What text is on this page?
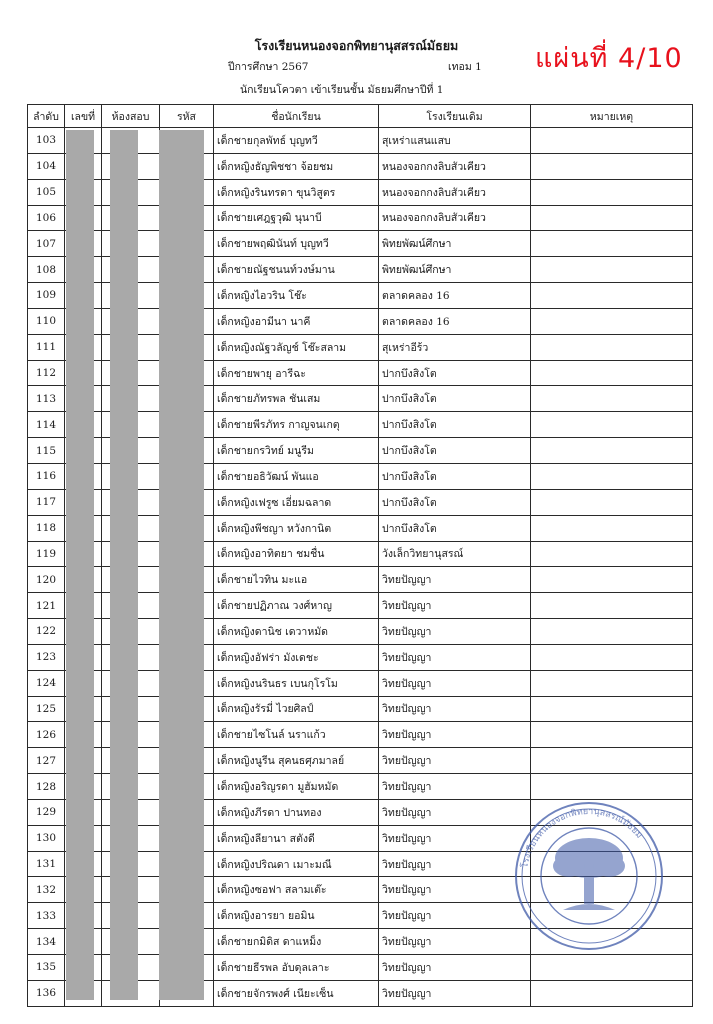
โรงเรียนหนองจอกพิทยานุสสรณ์มัธยม
ปีการศึกษา 2567	เทอม 1 แผ่นที่ 4/10
นักเรียนโควตา เข้าเรียนชั้น มัธยมศึกษาปีที่ 1
ลำดับ	เลขที่	ห้องสอบ	รหัส	ชื่อนักเรียน	โรงเรียนเดิม	หมายเหตุ
103				เด็กชายกุลพัทธ์ บุญทวี	สุเหร่าแสนแสบ	
104				เด็กหญิงธัญพิชชา จ้อยชม	หนองจอกกงลิบสัวเคียว	
105				เด็กหญิงรินทรดา ขุนวิสูตร	หนองจอกกงลิบสัวเคียว	
106				เด็กชายเศฎฐวุฒิ นุนาบี	หนองจอกกงลิบสัวเคียว	
107				เด็กชายพฤฒินันท์ บุญทวี	พิทยพัฒน์ศึกษา	
108				เด็กชายณัฐชนนท์วงษ์มาน	พิทยพัฒน์ศึกษา	
109				เด็กหญิงไอวริน โช๊ะ	ตลาดคลอง 16	
110				เด็กหญิงอามีนา นาคี	ตลาดคลอง 16	
111				เด็กหญิงณัฐวลัญช์ โช๊ะสลาม	สุเหร่าอีร้ว	
112				เด็กชายพายุ อารีฉะ	ปากบึงสิงโต	
113				เด็กชายภัทรพล ชันเสม	ปากบึงสิงโต	
114				เด็กชายพีรภัทร กาญจนเกตุ	ปากบึงสิงโต	
115				เด็กชายกรวิทย์ มนูรีม	ปากบึงสิงโต	
116				เด็กชายอธิวัฒน์ พันแอ	ปากบึงสิงโต	
117				เด็กหญิงเฟรูซ เอี่ยมฉลาด	ปากบึงสิงโต	
118				เด็กหญิงพีชญา หวังกานิต	ปากบึงสิงโต	
119				เด็กหญิงอาทิตยา ชมชื่น	วังเล็กวิทยานุสรณ์	
120				เด็กชายไวทิน มะแอ	วิทยปัญญา	
121				เด็กชายปฏิภาณ วงศ์หาญ	วิทยปัญญา	
122				เด็กหญิงดานิช เดวาหมัด	วิทยปัญญา	
123				เด็กหญิงอัฟร่า มังเดชะ	วิทยปัญญา	
124				เด็กหญิงนรินธร เบนกุโรโม	วิทยปัญญา	
125				เด็กหญิงรัรมี่ ไวยศิลป์	วิทยปัญญา	
126				เด็กชายไซโนล์ นราแก้ว	วิทยปัญญา	
127				เด็กหญิงนูรีน สุคนธศุภมาลย์	วิทยปัญญา	
128				เด็กหญิงอริญรดา มูฮัมหมัด	วิทยปัญญา	
129				เด็กหญิงภีรดา ปานทอง	วิทยปัญญา	
130				เด็กหญิงลียานา สตังดี	วิทยปัญญา	
131				เด็กหญิงปริณดา เมาะมณี	วิทยปัญญา	
132				เด็กหญิงซอฟา สลามเต๊ะ	วิทยปัญญา	
133				เด็กหญิงอารยา ยอมิน	วิทยปัญญา	
134				เด็กชายกมิดิส ดาแหม็ง	วิทยปัญญา	
135				เด็กชายธีรพล อับดุลเลาะ	วิทยปัญญา	
136				เด็กชายจักรพงศ์ เนียะเซ็น	วิทยปัญญา	
โรงเรียนหนองจอกพิทยานุสสรณ์มัธยม
